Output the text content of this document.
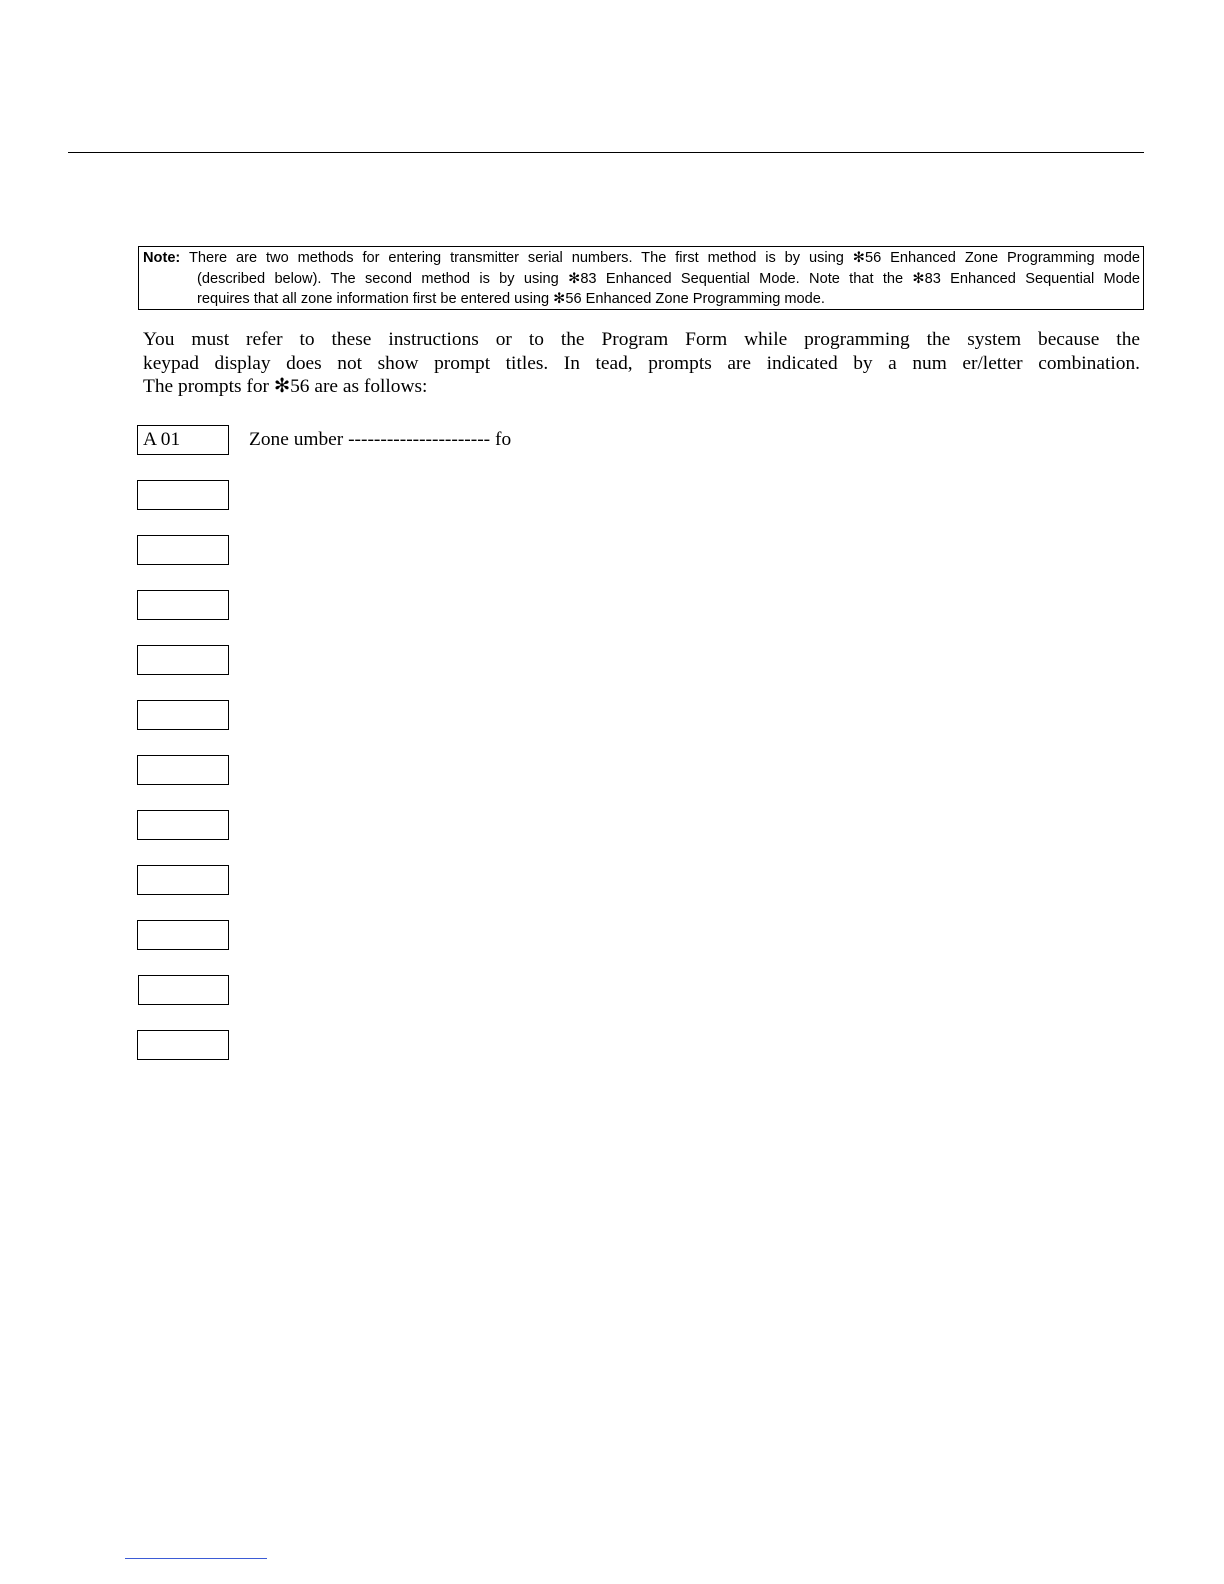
Note: There are two methods for entering transmitter serial numbers. The first method is by using ✻56 Enhanced Zone Programming mode
(described below). The second method is by using ✻83 Enhanced Sequential Mode. Note that the ✻83 Enhanced Sequential Mode
requires that all zone information first be entered using ✻56 Enhanced Zone Programming mode.
You must refer to these instructions or to the Program Form while programming the system because the
keypad display does not show prompt titles. In tead, prompts are indicated by a num er/letter combination.
The prompts for ✻56 are as follows:
A 01	Zone umber ---------------------- fo
